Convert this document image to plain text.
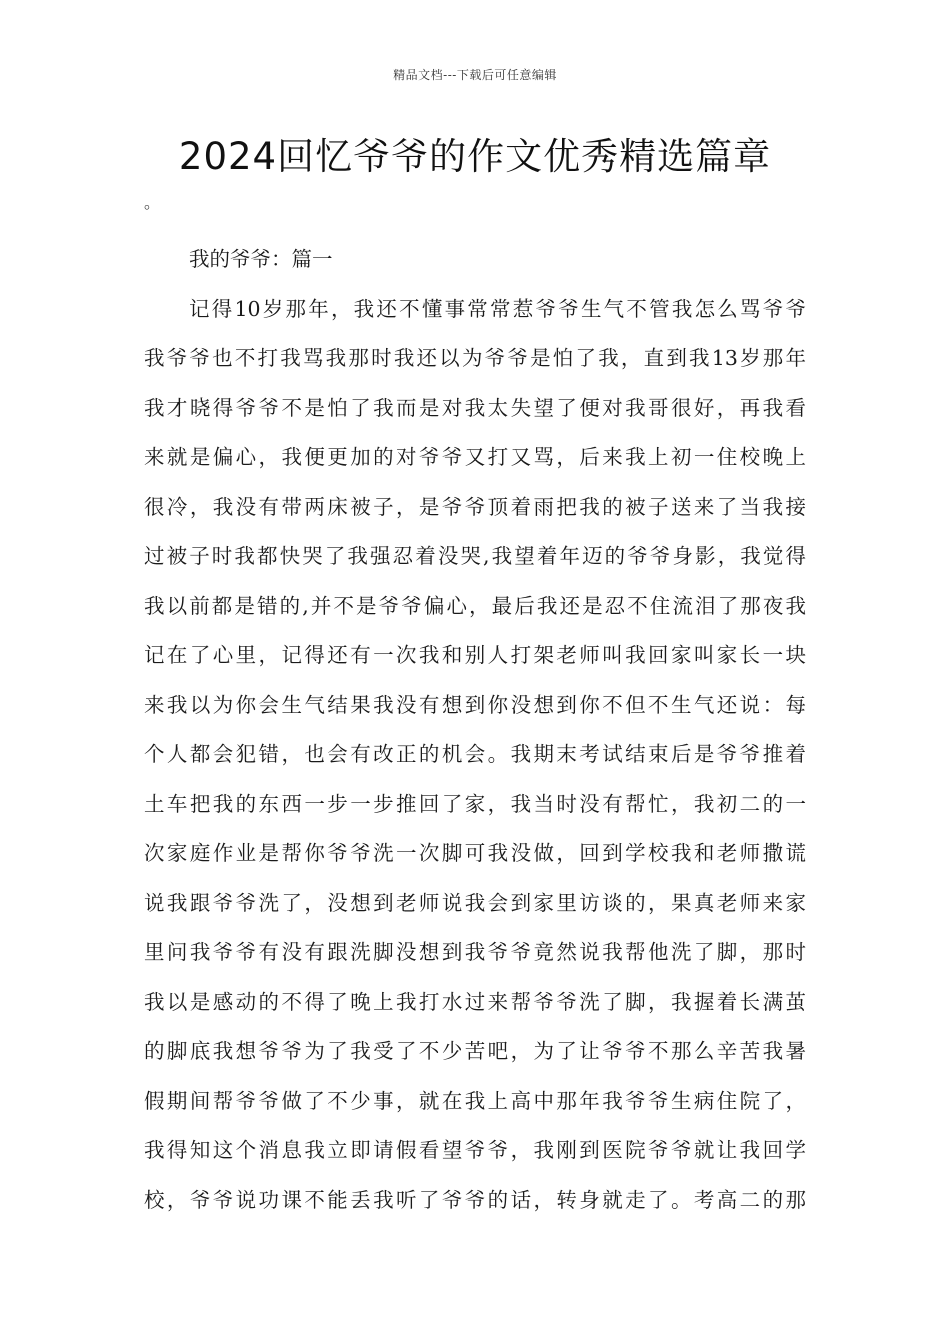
精品文档---下载后可任意编辑
2024回忆爷爷的作文优秀精选篇章
。

我的爷爷：篇一

记得10岁那年，我还不懂事常常惹爷爷生气不管我怎么骂爷爷

我爷爷也不打我骂我那时我还以为爷爷是怕了我，直到我13岁那年

我才晓得爷爷不是怕了我而是对我太失望了便对我哥很好，再我看

来就是偏心，我便更加的对爷爷又打又骂，后来我上初一住校晚上

很冷，我没有带两床被子，是爷爷顶着雨把我的被子送来了当我接

过被子时我都快哭了我强忍着没哭,我望着年迈的爷爷身影，我觉得

我以前都是错的,并不是爷爷偏心，最后我还是忍不住流泪了那夜我

记在了心里，记得还有一次我和别人打架老师叫我回家叫家长一块

来我以为你会生气结果我没有想到你没想到你不但不生气还说：每

个人都会犯错，也会有改正的机会。我期末考试结束后是爷爷推着

土车把我的东西一步一步推回了家，我当时没有帮忙，我初二的一

次家庭作业是帮你爷爷洗一次脚可我没做，回到学校我和老师撒谎

说我跟爷爷洗了，没想到老师说我会到家里访谈的，果真老师来家

里问我爷爷有没有跟洗脚没想到我爷爷竟然说我帮他洗了脚，那时

我以是感动的不得了晚上我打水过来帮爷爷洗了脚，我握着长满茧

的脚底我想爷爷为了我受了不少苦吧，为了让爷爷不那么辛苦我暑

假期间帮爷爷做了不少事，就在我上高中那年我爷爷生病住院了，

我得知这个消息我立即请假看望爷爷，我刚到医院爷爷就让我回学

校，爷爷说功课不能丢我听了爷爷的话，转身就走了。考高二的那
